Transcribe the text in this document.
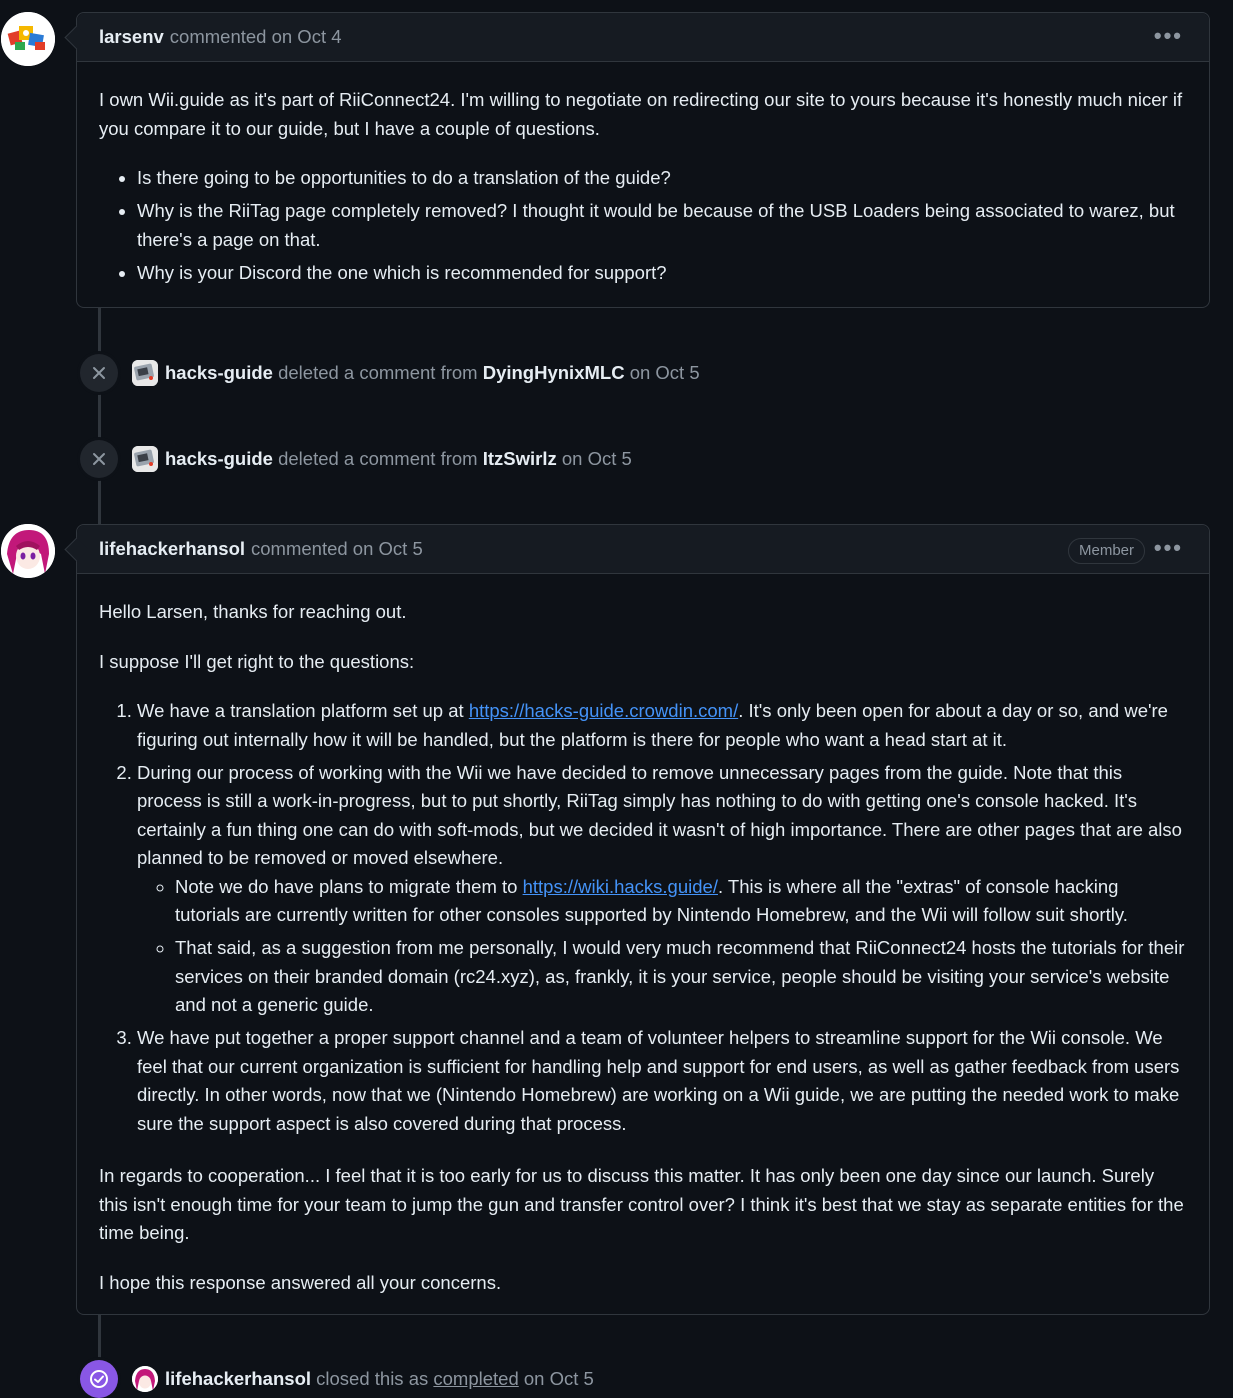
larsenv commented on Oct 4	•••

I own Wii.guide as it's part of RiiConnect24. I'm willing to negotiate on redirecting our site to yours because it's honestly much nicer if you compare it to our guide, but I have a couple of questions.

• Is there going to be opportunities to do a translation of the guide?
• Why is the RiiTag page completely removed? I thought it would be because of the USB Loaders being associated to warez, but there's a page on that.
• Why is your Discord the one which is recommended for support?
hacks-guide deleted a comment from DyingHynixMLC on Oct 5
hacks-guide deleted a comment from ItzSwirlz on Oct 5
lifehackerhansol commented on Oct 5	Member •••

Hello Larsen, thanks for reaching out.

I suppose I'll get right to the questions:

1. We have a translation platform set up at https://hacks-guide.crowdin.com/. It's only been open for about a day or so, and we're figuring out internally how it will be handled, but the platform is there for people who want a head start at it.
2. During our process of working with the Wii we have decided to remove unnecessary pages from the guide. Note that this process is still a work-in-progress, but to put shortly, RiiTag simply has nothing to do with getting one's console hacked. It's certainly a fun thing one can do with soft-mods, but we decided it wasn't of high importance. There are other pages that are also planned to be removed or moved elsewhere.
◦ Note we do have plans to migrate them to https://wiki.hacks.guide/. This is where all the "extras" of console hacking tutorials are currently written for other consoles supported by Nintendo Homebrew, and the Wii will follow suit shortly.
◦ That said, as a suggestion from me personally, I would very much recommend that RiiConnect24 hosts the tutorials for their services on their branded domain (rc24.xyz), as, frankly, it is your service, people should be visiting your service's website and not a generic guide.
3. We have put together a proper support channel and a team of volunteer helpers to streamline support for the Wii console. We feel that our current organization is sufficient for handling help and support for end users, as well as gather feedback from users directly. In other words, now that we (Nintendo Homebrew) are working on a Wii guide, we are putting the needed work to make sure the support aspect is also covered during that process.

In regards to cooperation... I feel that it is too early for us to discuss this matter. It has only been one day since our launch. Surely this isn't enough time for your team to jump the gun and transfer control over? I think it's best that we stay as separate entities for the time being.

I hope this response answered all your concerns.

lifehackerhansol closed this as completed on Oct 5
